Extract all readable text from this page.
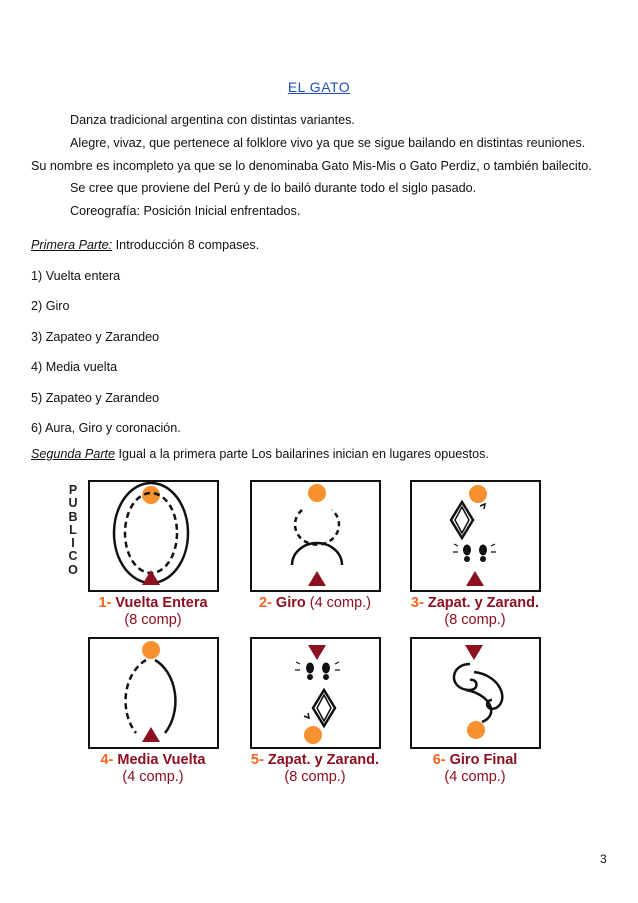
EL GATO
Danza tradicional argentina con distintas variantes.
Alegre, vivaz, que pertenece al folklore vivo ya que se sigue bailando en distintas reuniones.
Su nombre es incompleto ya que se lo denominaba Gato Mis-Mis o Gato Perdiz, o también bailecito.
Se cree que proviene del Perú y de lo bailó durante todo el siglo pasado.
Coreografía: Posición Inicial enfrentados.
Primera Parte: Introducción 8 compases.
1) Vuelta entera
2) Giro
3) Zapateo y Zarandeo
4) Media vuelta
5) Zapateo y Zarandeo
6) Aura, Giro y coronación.
Segunda Parte Igual a la primera parte Los bailarines inician en lugares opuestos.
P
U
B
L
I
C
O
1- Vuelta Entera
(8 comp)
2- Giro (4 comp.)	3- Zapat. y Zarand.
(8 comp.)
4- Media Vuelta
(4 comp.)
5- Zapat. y Zarand.
(8 comp.)
6- Giro Final
(4 comp.)
3
